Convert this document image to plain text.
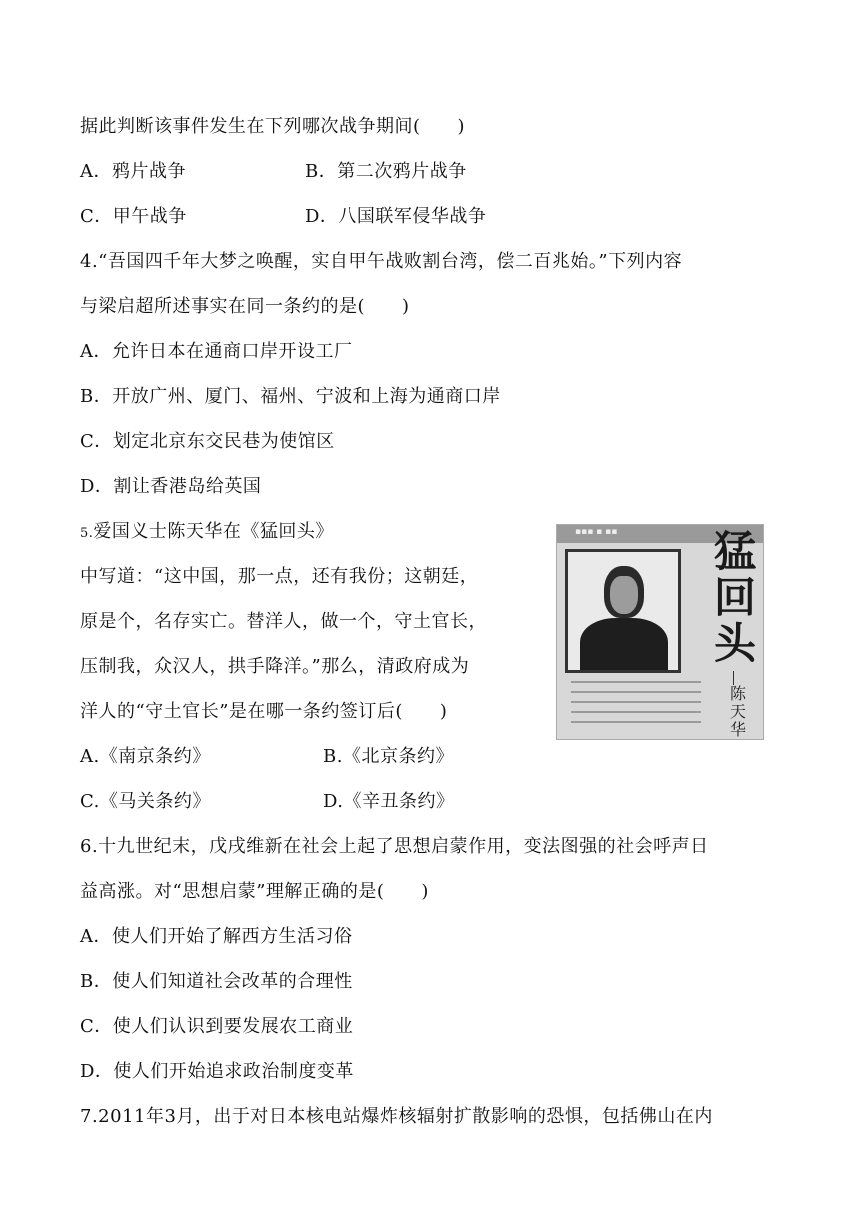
据此判断该事件发生在下列哪次战争期间(　　)
A．鸦片战争	B．第二次鸦片战争
C．甲午战争	D．八国联军侵华战争
4.“吾国四千年大梦之唤醒，实自甲午战败割台湾，偿二百兆始。”下列内容
与梁启超所述事实在同一条约的是(　　)
A．允许日本在通商口岸开设工厂
B．开放广州、厦门、福州、宁波和上海为通商口岸
C．划定北京东交民巷为使馆区
D．割让香港岛给英国
5.爱国义士陈天华在《猛回头》
中写道：“这中国，那一点，还有我份；这朝廷，
原是个，名存实亡。替洋人，做一个，守土官长，
压制我，众汉人，拱手降洋。”那么，清政府成为
洋人的“守土官长”是在哪一条约签订后(　　)
A.《南京条约》	B.《北京条约》
C.《马关条约》	D.《辛丑条约》
6.十九世纪末，戊戌维新在社会上起了思想启蒙作用，变法图强的社会呼声日
益高涨。对“思想启蒙”理解正确的是(　　)
A．使人们开始了解西方生活习俗
B．使人们知道社会改革的合理性
C．使人们认识到要发展农工商业
D．使人们开始追求政治制度变革
7.2011年3月，出于对日本核电站爆炸核辐射扩散影响的恐惧，包括佛山在内
▪▪▪ ▪ ▪▪ 猛回头
陈天华
